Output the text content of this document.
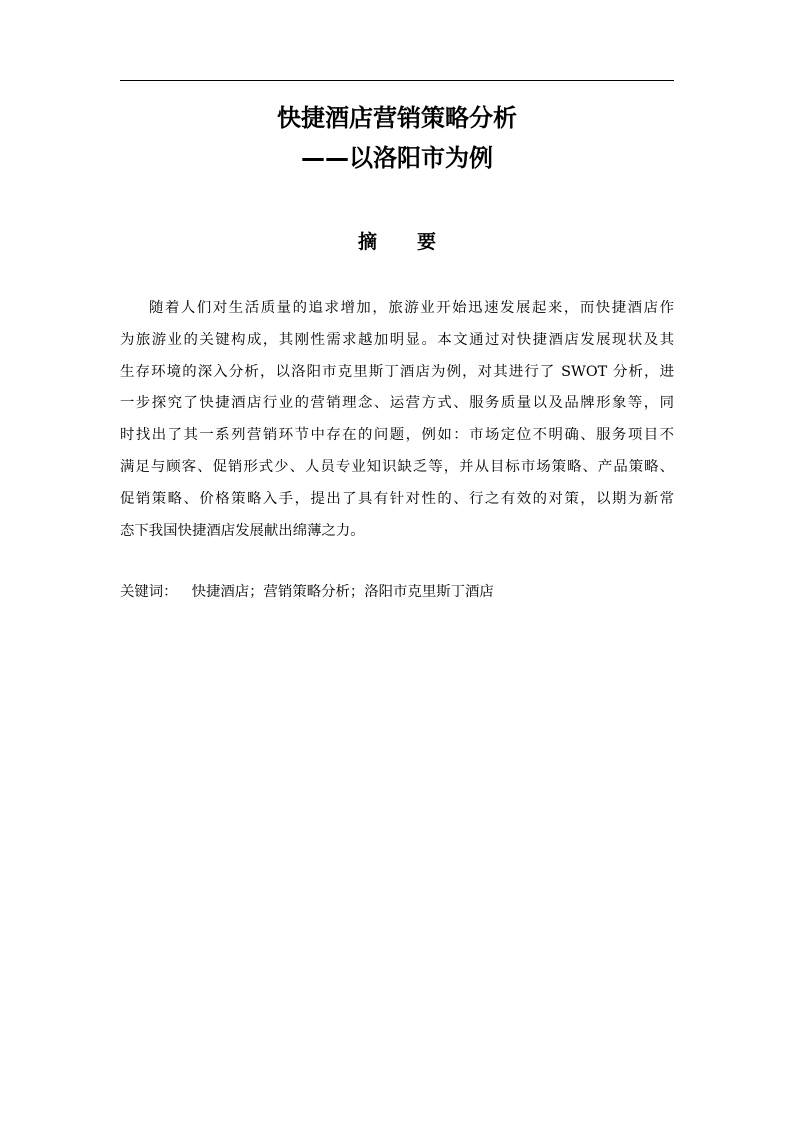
快捷酒店营销策略分析
——以洛阳市为例
摘 要
随着人们对生活质量的追求增加，旅游业开始迅速发展起来，而快捷酒店作
为旅游业的关键构成，其刚性需求越加明显。本文通过对快捷酒店发展现状及其
生存环境的深入分析，以洛阳市克里斯丁酒店为例，对其进行了 SWOT 分析，进
一步探究了快捷酒店行业的营销理念、运营方式、服务质量以及品牌形象等，同
时找出了其一系列营销环节中存在的问题，例如：市场定位不明确、服务项目不
满足与顾客、促销形式少、人员专业知识缺乏等，并从目标市场策略、产品策略、
促销策略、价格策略入手，提出了具有针对性的、行之有效的对策，以期为新常
态下我国快捷酒店发展献出绵薄之力。
关键词： 快捷酒店；营销策略分析；洛阳市克里斯丁酒店
